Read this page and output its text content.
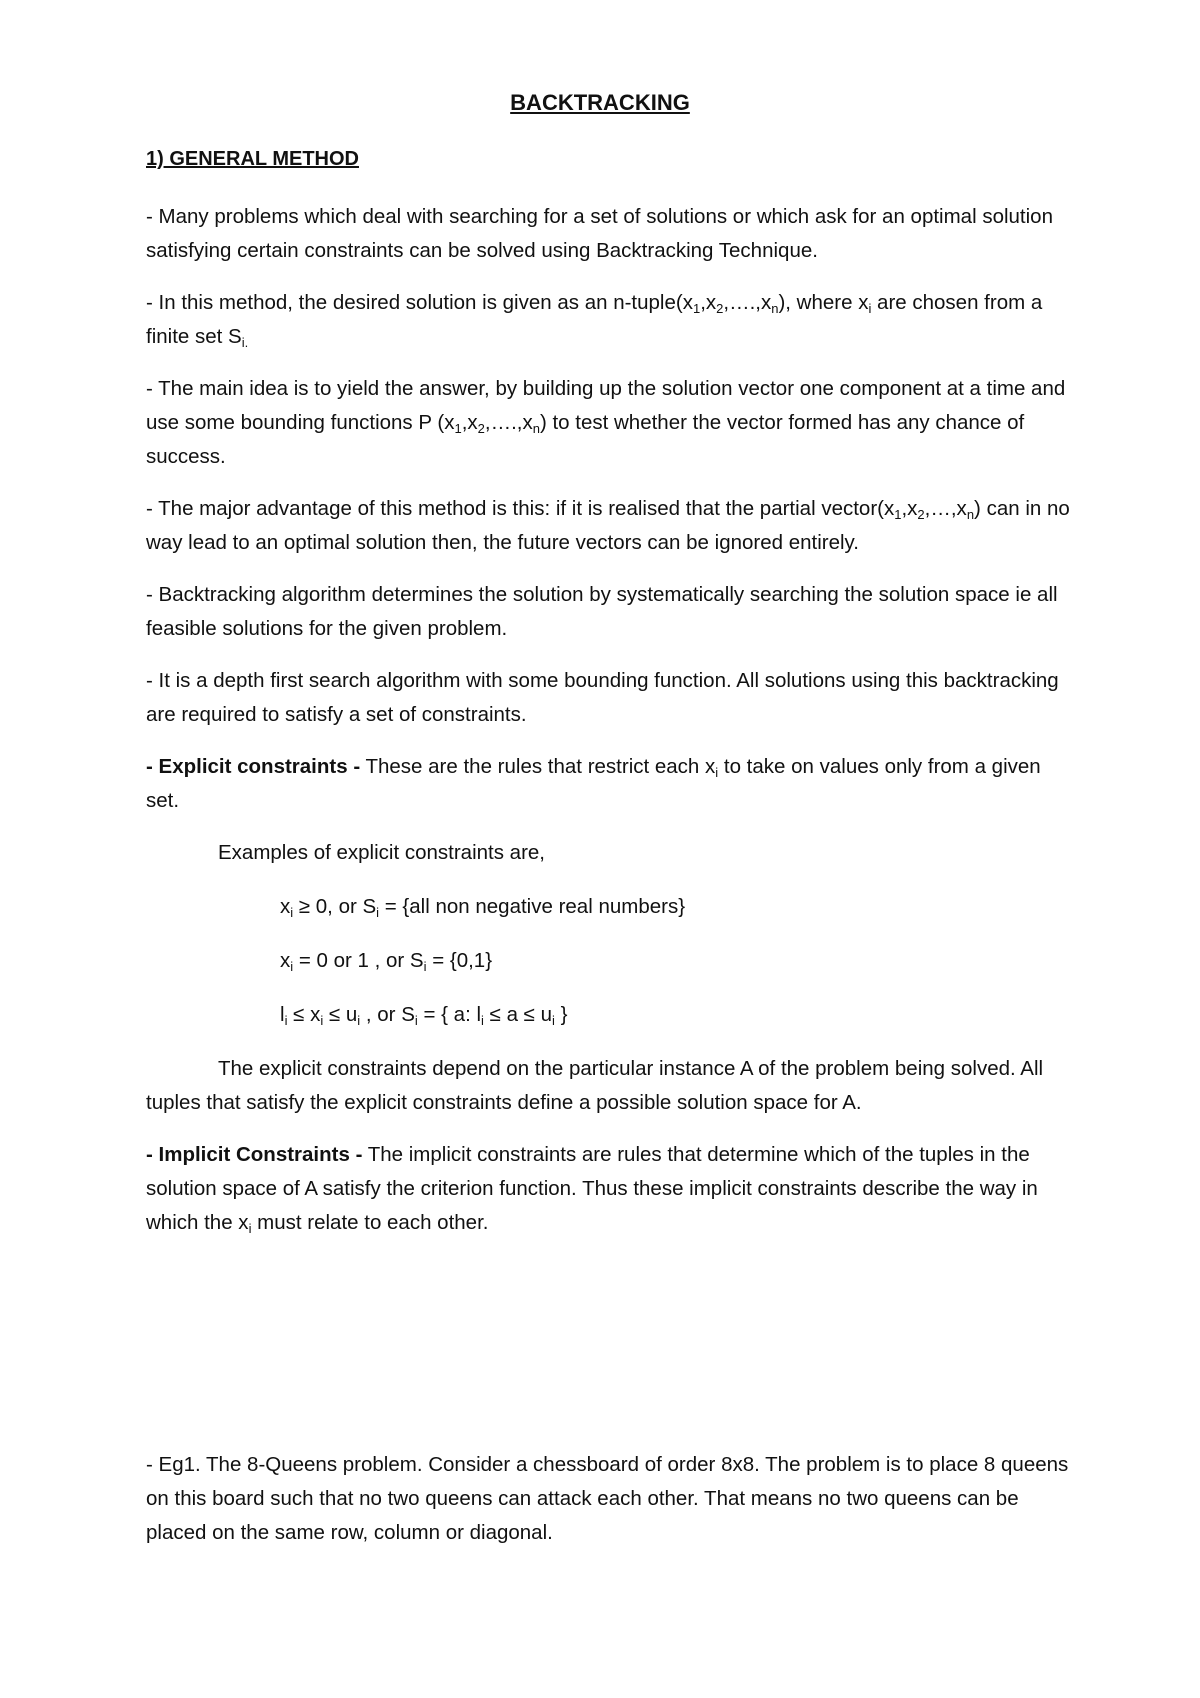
BACKTRACKING
1) GENERAL METHOD

- Many problems which deal with searching for a set of solutions or which ask for an optimal solution satisfying certain constraints can be solved using Backtracking Technique.

- In this method, the desired solution is given as an $n-tuple(x_1,x_2,\dots.,x_n)$, where $x_i$ are chosen from a finite set $S_{i.}$

- The main idea is to yield the answer, by building up the solution vector one component at a time and use some bounding functions P $(x_1,x_2,\dots.,x_n)$ to test whether the vector formed has any chance of success.

- The major advantage of this method is this: if it is realised that the partial $vector(x_1,x_2,\dots,x_n)$ can in no way lead to an optimal solution then, the future vectors can be ignored entirely.

- Backtracking algorithm determines the solution by systematically searching the solution space ie all feasible solutions for the given problem.

- It is a depth first search algorithm with some bounding function. All solutions using this backtracking are required to satisfy a set of constraints.

- Explicit constraints - These are the rules that restrict each $x_i$ to take on values only from a given set.

Examples of explicit constraints are,

$x_i \ge 0$, or $S_i = \{all$ non negative real numbers}

$x_i = 0$ or 1 , or $S_i = \{0,1\}$

$l_i \le x_i \le u_i$ , or $S_i$ = { a: $l_i \le a \le u_i$ }

The explicit constraints depend on the particular instance A of the problem being solved. All tuples that satisfy the explicit constraints define a possible solution space for A.

- Implicit Constraints - The implicit constraints are rules that determine which of the tuples in the solution space of A satisfy the criterion function. Thus these implicit constraints describe the way in which the $x_i$ must relate to each other.

- Eg1. The 8-Queens problem. Consider a chessboard of order 8x8. The problem is to place 8 queens on this board such that no two queens can attack each other. That means no two queens can be placed on the same row, column or diagonal.
